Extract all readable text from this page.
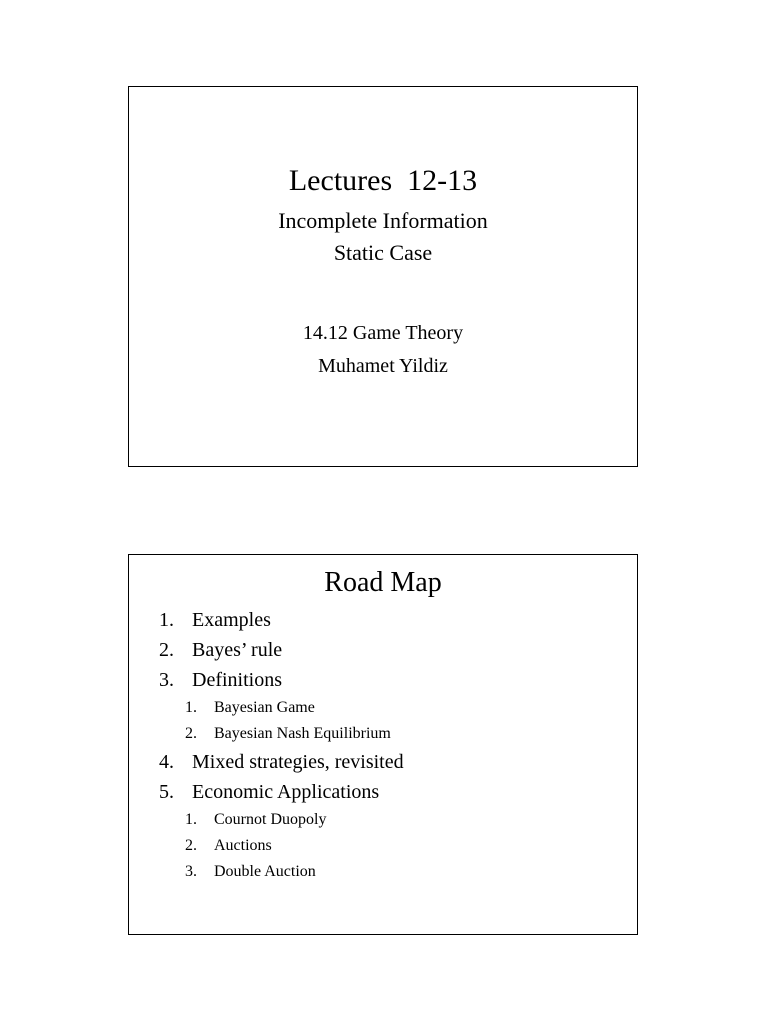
Lectures  12-13
Incomplete Information
Static Case
14.12 Game Theory
Muhamet Yildiz
Road Map
1. Examples
2. Bayes’ rule
3. Definitions
1. Bayesian Game
2. Bayesian Nash Equilibrium
4. Mixed strategies, revisited
5. Economic Applications
1. Cournot Duopoly
2. Auctions
3. Double Auction
